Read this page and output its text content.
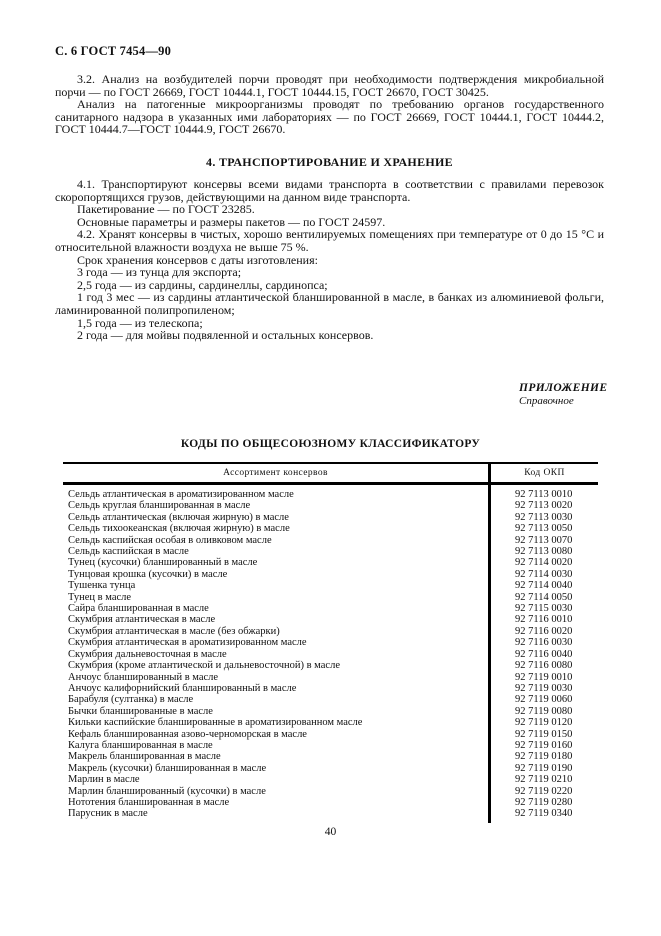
С. 6 ГОСТ 7454—90

3.2. Анализ на возбудителей порчи проводят при необходимости подтверждения микробиальной порчи — по ГОСТ 26669, ГОСТ 10444.1, ГОСТ 10444.15, ГОСТ 26670, ГОСТ 30425.

Анализ на патогенные микроорганизмы проводят по требованию органов государственного санитарного надзора в указанных ими лабораториях — по ГОСТ 26669, ГОСТ 10444.1, ГОСТ 10444.2, ГОСТ 10444.7—ГОСТ 10444.9, ГОСТ 26670.

4. ТРАНСПОРТИРОВАНИЕ И ХРАНЕНИЕ

4.1. Транспортируют консервы всеми видами транспорта в соответствии с правилами перевозок скоропортящихся грузов, действующими на данном виде транспорта.

Пакетирование — по ГОСТ 23285.

Основные параметры и размеры пакетов — по ГОСТ 24597.

4.2. Хранят консервы в чистых, хорошо вентилируемых помещениях при температуре от 0 до 15 °С и относительной влажности воздуха не выше 75 %.

Срок хранения консервов с даты изготовления:

3 года — из тунца для экспорта;

2,5 года — из сардины, сардинеллы, сардинопса;

1 год 3 мес — из сардины атлантической бланшированной в масле, в банках из алюминиевой фольги, ламинированной полипропиленом;

1,5 года — из телескопа;

2 года — для мойвы подвяленной и остальных консервов.

ПРИЛОЖЕНИЕ
Справочное
КОДЫ ПО ОБЩЕСОЮЗНОМУ КЛАССИФИКАТОРУ
Ассортимент консервов	Код ОКП
Сельдь атлантическая в ароматизированном масле	92 7113 0010
Сельдь круглая бланшированная в масле	92 7113 0020
Сельдь атлантическая (включая жирную) в масле	92 7113 0030
Сельдь тихоокеанская (включая жирную) в масле	92 7113 0050
Сельдь каспийская особая в оливковом масле	92 7113 0070
Сельдь каспийская в масле	92 7113 0080
Тунец (кусочки) бланшированный в масле	92 7114 0020
Тунцовая крошка (кусочки) в масле	92 7114 0030
Тушенка тунца	92 7114 0040
Тунец в масле	92 7114 0050
Сайра бланшированная в масле	92 7115 0030
Скумбрия атлантическая в масле	92 7116 0010
Скумбрия атлантическая в масле (без обжарки)	92 7116 0020
Скумбрия атлантическая в ароматизированном масле	92 7116 0030
Скумбрия дальневосточная в масле	92 7116 0040
Скумбрия (кроме атлантической и дальневосточной) в масле	92 7116 0080
Анчоус бланшированный в масле	92 7119 0010
Анчоус калифорнийский бланшированный в масле	92 7119 0030
Барабуля (султанка) в масле	92 7119 0060
Бычки бланшированные в масле	92 7119 0080
Кильки каспийские бланшированные в ароматизированном масле	92 7119 0120
Кефаль бланшированная азово-черноморская в масле	92 7119 0150
Калуга бланшированная в масле	92 7119 0160
Макрель бланшированная в масле	92 7119 0180
Макрель (кусочки) бланшированная в масле	92 7119 0190
Марлин в масле	92 7119 0210
Марлин бланшированный (кусочки) в масле	92 7119 0220
Нототения бланшированная в масле	92 7119 0280
Парусник в масле	92 7119 0340
40
